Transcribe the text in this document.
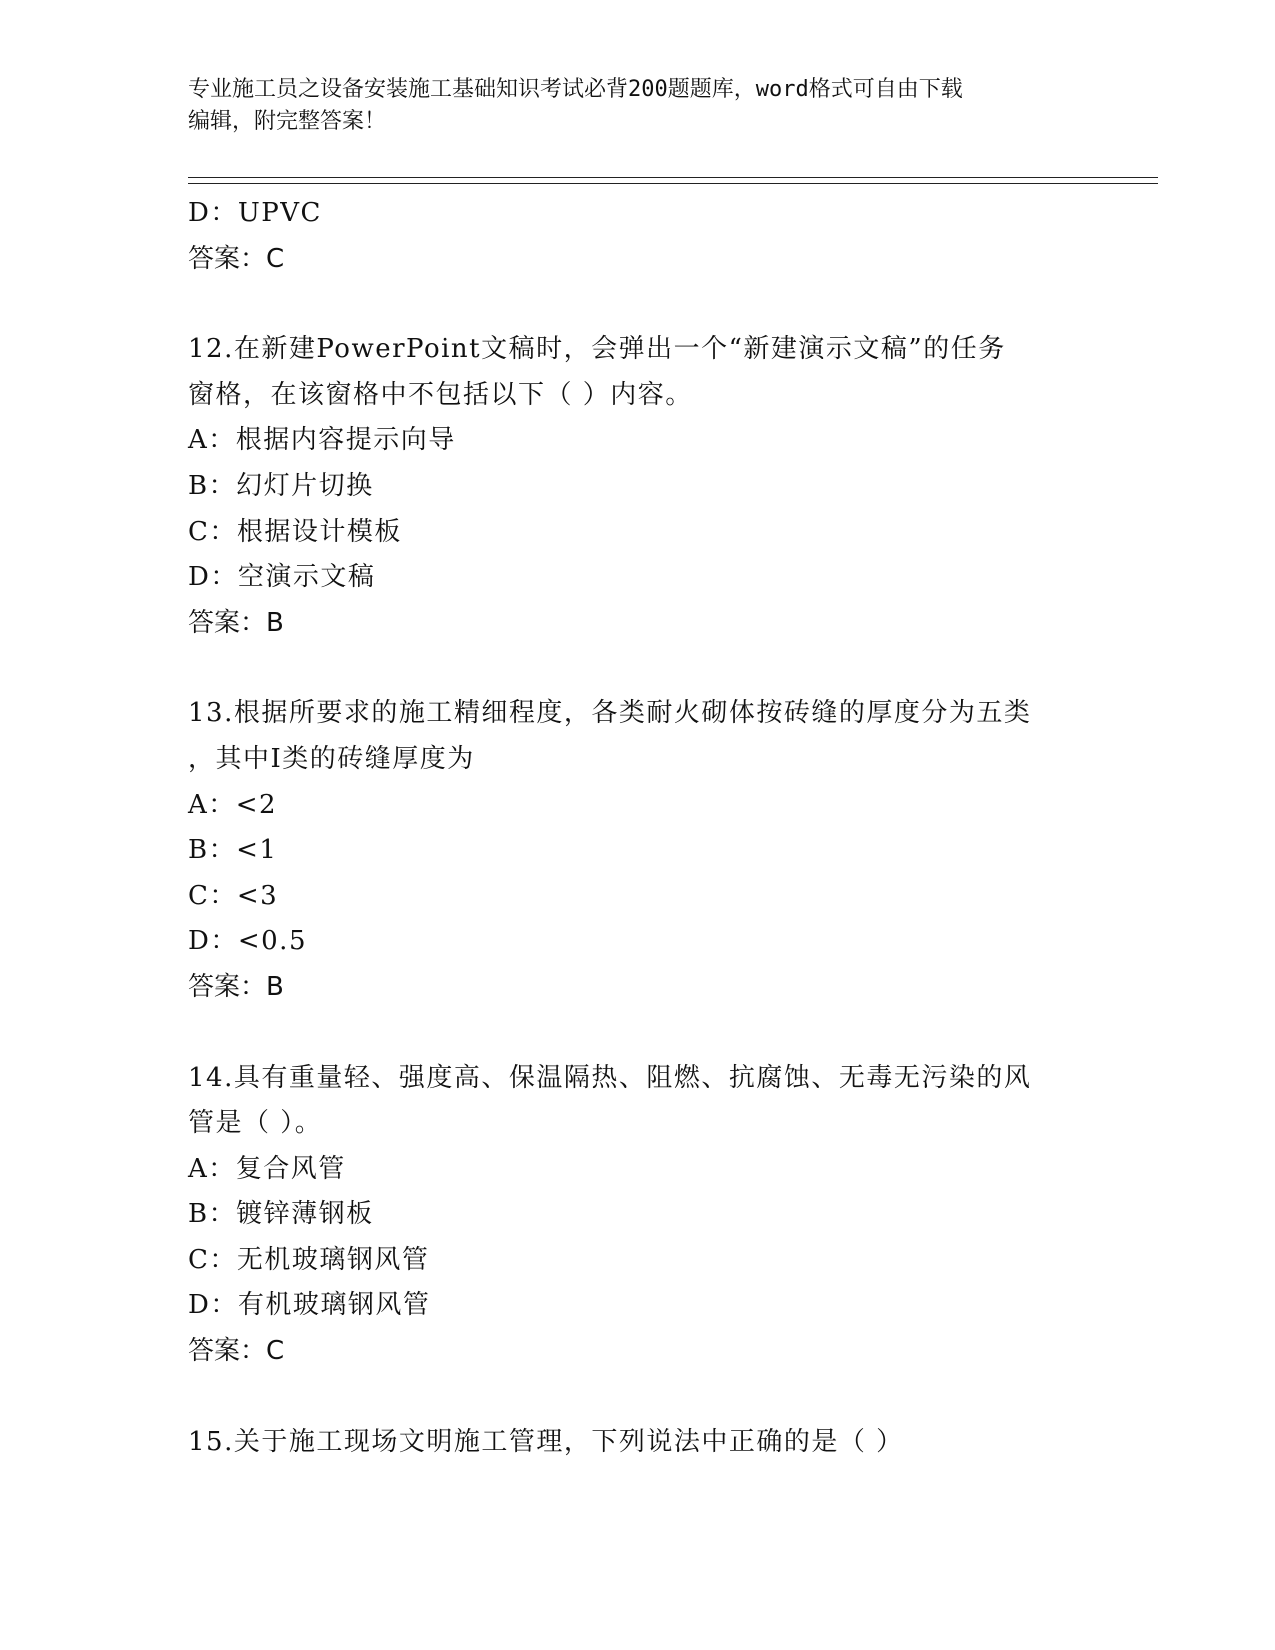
专业施工员之设备安装施工基础知识考试必背200题题库，word格式可自由下载
编辑，附完整答案！
D：UPVC
答案：C
12.在新建PowerPoint文稿时，会弹出一个“新建演示文稿”的任务
窗格，在该窗格中不包括以下（ ）内容。
A：根据内容提示向导
B：幻灯片切换
C：根据设计模板
D：空演示文稿
答案：B
13.根据所要求的施工精细程度，各类耐火砌体按砖缝的厚度分为五类
，其中Ⅰ类的砖缝厚度为
A：<2
B：<1
C：<3
D：<0.5
答案：B
14.具有重量轻、强度高、保温隔热、阻燃、抗腐蚀、无毒无污染的风
管是（ ）。
A：复合风管
B：镀锌薄钢板
C：无机玻璃钢风管
D：有机玻璃钢风管
答案：C
15.关于施工现场文明施工管理，下列说法中正确的是（ ）
